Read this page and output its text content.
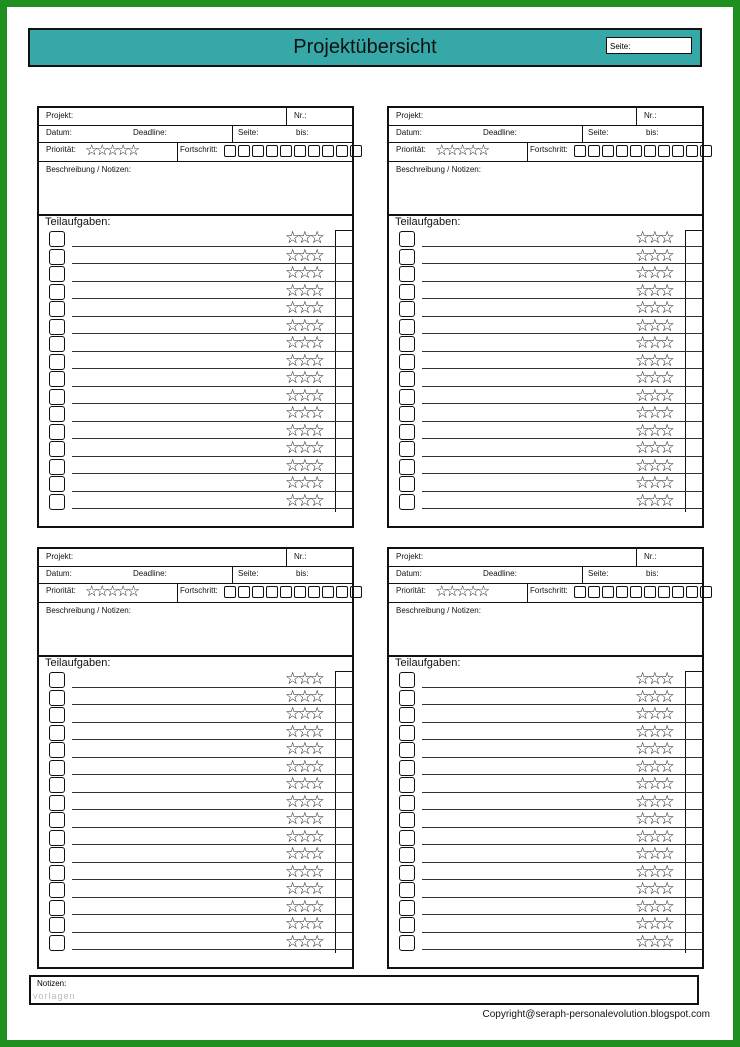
Projektübersicht	Seite:
Projekt:	Nr.:
Datum:	Deadline:	Seite:	bis:
Priorität: ☆☆☆☆☆	Fortschritt:
Beschreibung / Notizen:
Teilaufgaben:
☆☆☆
☆☆☆
☆☆☆
☆☆☆
☆☆☆
☆☆☆
☆☆☆
☆☆☆
☆☆☆
☆☆☆
☆☆☆
☆☆☆
☆☆☆
☆☆☆
☆☆☆
☆☆☆
Projekt:	Nr.:
Datum:	Deadline:	Seite:	bis:
Priorität: ☆☆☆☆☆	Fortschritt:
Beschreibung / Notizen:
Teilaufgaben:
☆☆☆
☆☆☆
☆☆☆
☆☆☆
☆☆☆
☆☆☆
☆☆☆
☆☆☆
☆☆☆
☆☆☆
☆☆☆
☆☆☆
☆☆☆
☆☆☆
☆☆☆
☆☆☆
Projekt:	Nr.:
Datum:	Deadline:	Seite:	bis:
Priorität: ☆☆☆☆☆	Fortschritt:
Beschreibung / Notizen:
Teilaufgaben:
☆☆☆
☆☆☆
☆☆☆
☆☆☆
☆☆☆
☆☆☆
☆☆☆
☆☆☆
☆☆☆
☆☆☆
☆☆☆
☆☆☆
☆☆☆
☆☆☆
☆☆☆
☆☆☆
Projekt:	Nr.:
Datum:	Deadline:	Seite:	bis:
Priorität: ☆☆☆☆☆	Fortschritt:
Beschreibung / Notizen:
Teilaufgaben:
☆☆☆
☆☆☆
☆☆☆
☆☆☆
☆☆☆
☆☆☆
☆☆☆
☆☆☆
☆☆☆
☆☆☆
☆☆☆
☆☆☆
☆☆☆
☆☆☆
☆☆☆
☆☆☆
Notizen:
vorlagen
Copyright@seraph-personalevolution.blogspot.com
